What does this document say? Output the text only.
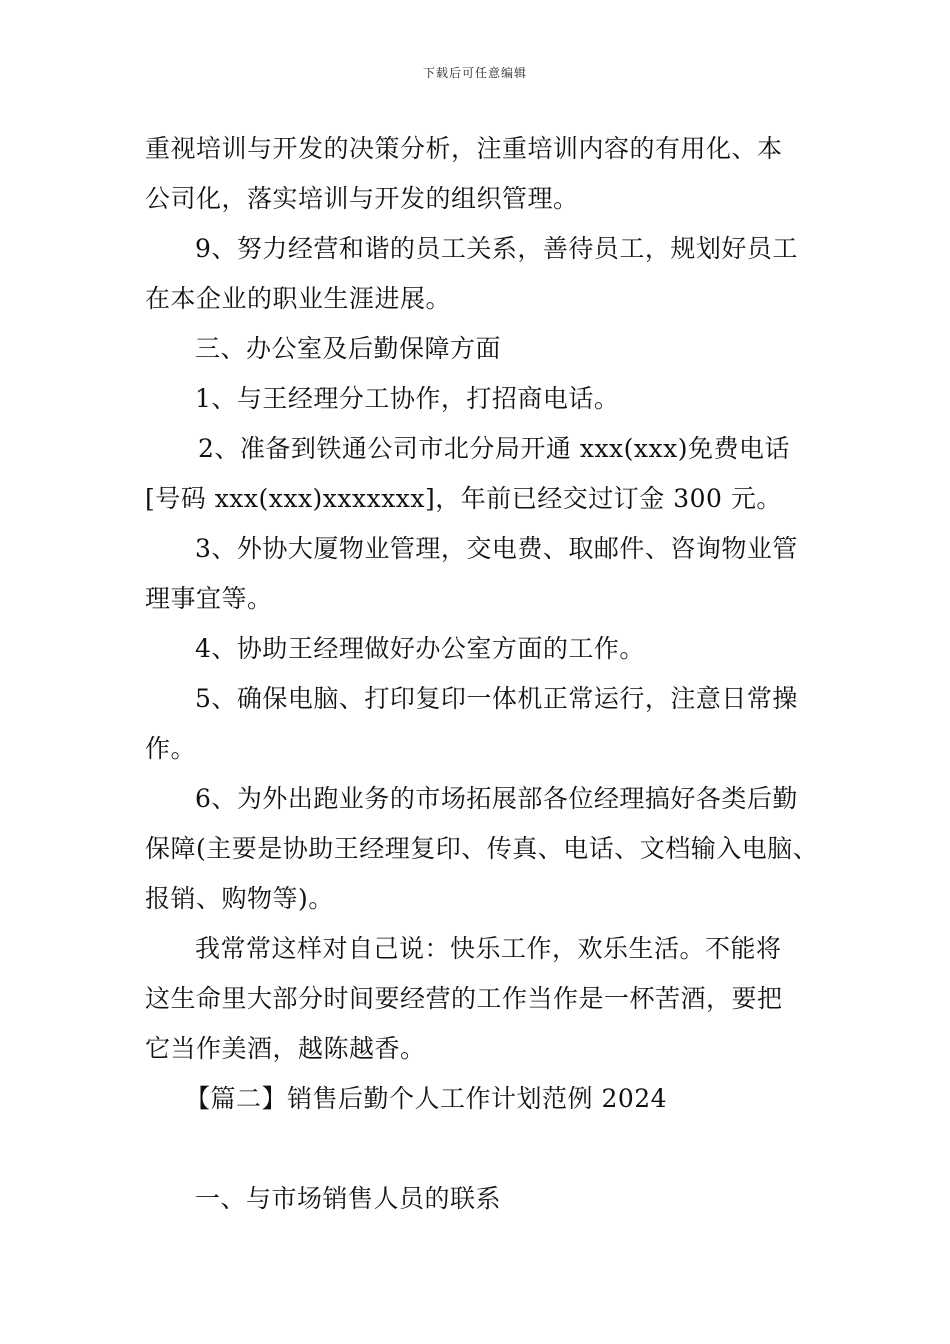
下载后可任意编辑

重视培训与开发的决策分析，注重培训内容的有用化、本

公司化，落实培训与开发的组织管理。

9、努力经营和谐的员工关系，善待员工，规划好员工

在本企业的职业生涯进展。

三、办公室及后勤保障方面

1、与王经理分工协作，打招商电话。

2、准备到铁通公司市北分局开通 xxx(xxx)免费电话

[号码 xxx(xxx)xxxxxxx]，年前已经交过订金 300 元。

3、外协大厦物业管理，交电费、取邮件、咨询物业管

理事宜等。

4、协助王经理做好办公室方面的工作。

5、确保电脑、打印复印一体机正常运行，注意日常操

作。

6、为外出跑业务的市场拓展部各位经理搞好各类后勤

保障(主要是协助王经理复印、传真、电话、文档输入电脑、

报销、购物等)。

我常常这样对自己说：快乐工作，欢乐生活。不能将

这生命里大部分时间要经营的工作当作是一杯苦酒，要把

它当作美酒，越陈越香。

【篇二】销售后勤个人工作计划范例 2024

一、与市场销售人员的联系
